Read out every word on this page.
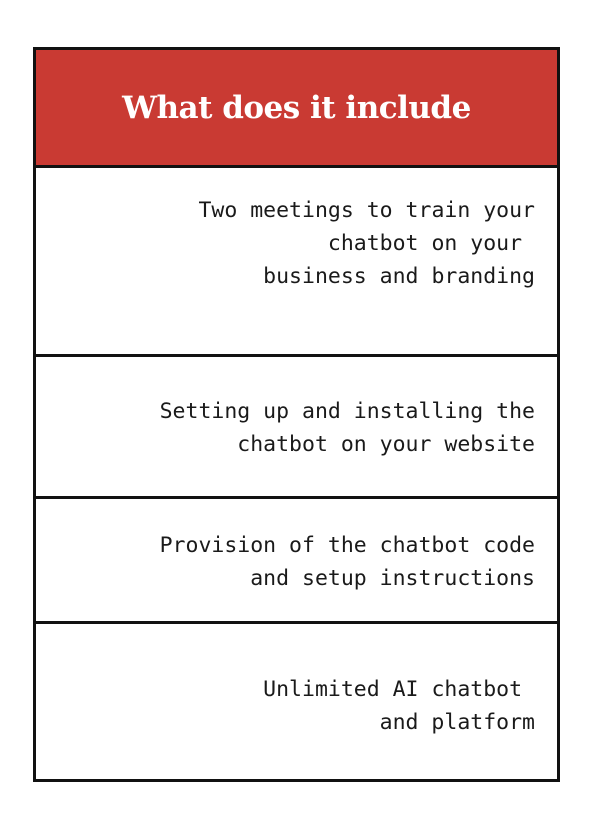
What does it include
Two meetings to train your
chatbot on your
business and branding
Setting up and installing the
chatbot on your website
Provision of the chatbot code
and setup instructions
Unlimited AI chatbot
and platform
